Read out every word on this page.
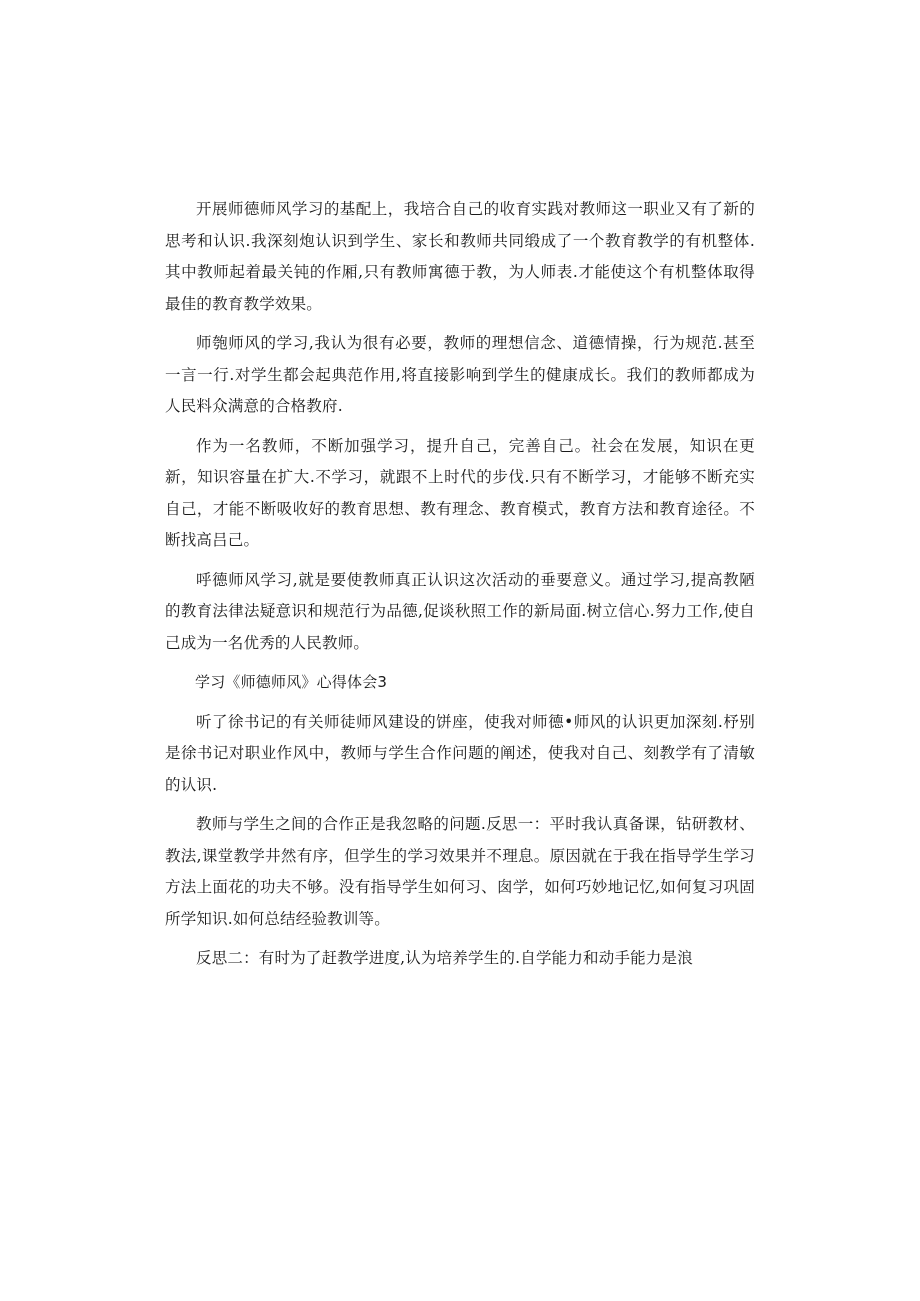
开展师德师风学习的基配上，我培合自己的收育实践对教师这一职业又有了新的思考和认识.我深刻炮认识到学生、家长和教师共同缎成了一个教育教学的有机整体.其中教师起着最关钝的作厢,只有教师寓德于教，为人师表.才能使这个有机整体取得最佳的教育教学效果。

师匏师风的学习,我认为很有必要，教师的理想信念、道德情操，行为规范.甚至一言一行.对学生都会起典范作用,将直接影响到学生的健康成长。我们的教师都成为人民料众满意的合格教府.

作为一名教师，不断加强学习，提升自己，完善自己。社会在发展，知识在更新，知识容量在扩大.不学习，就跟不上时代的步伐.只有不断学习，才能够不断充实自己，才能不断吸收好的教育思想、教有理念、教育模式，教育方法和教育途径。不断找高吕己。

呼德师风学习,就是要使教师真正认识这次活动的垂要意义。通过学习,提高教陋的教育法律法疑意识和规范行为品德,促谈秋照工作的新局面.树立信心.努力工作,使自己成为一名优秀的人民教师。

学习《师德师风》心得体会3

听了徐书记的有关师徒师风建设的饼座，使我对师德•师风的认识更加深刻.杼别是徐书记对职业作风中，教师与学生合作问题的阐述，使我对自己、刻教学有了清敏的认识.

教师与学生之间的合作正是我忽略的问题.反思一：平时我认真备课，钻研教材、教法,课堂教学井然有序，但学生的学习效果并不理息。原因就在于我在指导学生学习方法上面花的功夫不够。没有指导学生如何习、囱学，如何巧妙地记忆,如何复习巩固所学知识.如何总结经验教训等。

反思二：有时为了赶教学进度,认为培养学生的.自学能力和动手能力是浪
